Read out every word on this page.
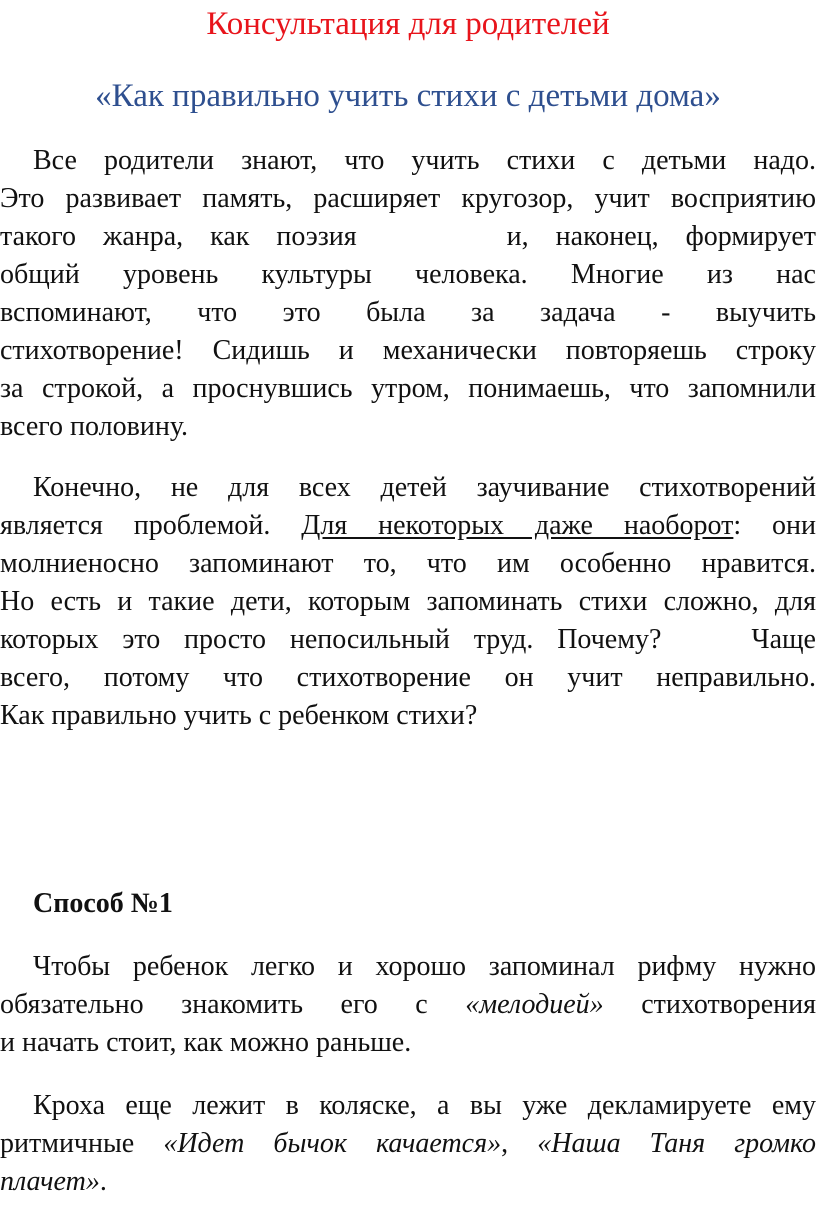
Консультация для родителей
«Как правильно учить стихи с детьми дома»
Все родители знают, что учить стихи с детьми надо.
Это развивает память, расширяет кругозор, учит восприятию
такого жанра, как поэзия	и, наконец, формирует
общий уровень культуры человека. Многие из нас
вспоминают, что это была за задача - выучить
стихотворение! Сидишь и механически повторяешь строку
за строкой, а проснувшись утром, понимаешь, что запомнили
всего половину.
Конечно, не для всех детей заучивание стихотворений
является проблемой. Для некоторых даже наоборот: они
молниеносно запоминают то, что им особенно нравится.
Но есть и такие дети, которым запоминать стихи сложно, для
которых это просто непосильный труд. Почему?	Чаще
всего, потому что стихотворение он учит неправильно.
Как правильно учить с ребенком стихи?
Способ №1
Чтобы ребенок легко и хорошо запоминал рифму нужно
обязательно знакомить его с «мелодией» стихотворения
и начать стоит, как можно раньше.
Кроха еще лежит в коляске, а вы уже декламируете ему
ритмичные «Идет бычок качается», «Наша Таня громко
плачет».
